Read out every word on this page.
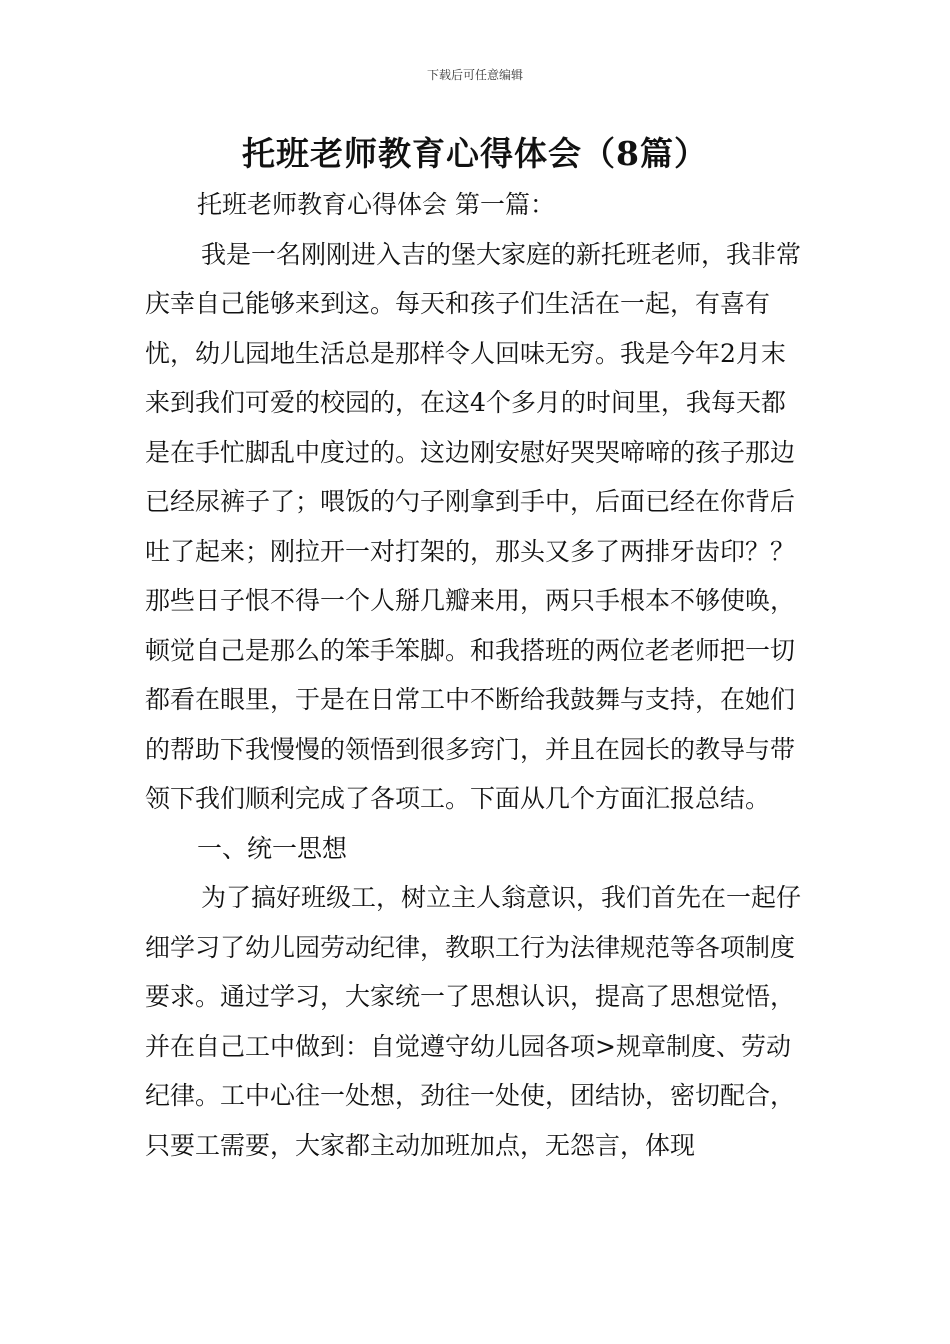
下载后可任意编辑
托班老师教育心得体会（8篇）

托班老师教育心得体会 第一篇：

我是一名刚刚进入吉的堡大家庭的新托班老师，我非常庆幸自己能够来到这。每天和孩子们生活在一起，有喜有忧，幼儿园地生活总是那样令人回味无穷。我是今年2月末来到我们可爱的校园的，在这4个多月的时间里，我每天都是在手忙脚乱中度过的。这边刚安慰好哭哭啼啼的孩子那边已经尿裤子了；喂饭的勺子刚拿到手中，后面已经在你背后吐了起来；刚拉开一对打架的，那头又多了两排牙齿印？？那些日子恨不得一个人掰几瓣来用，两只手根本不够使唤，顿觉自己是那么的笨手笨脚。和我搭班的两位老老师把一切都看在眼里，于是在日常工中不断给我鼓舞与支持，在她们的帮助下我慢慢的领悟到很多窍门，并且在园长的教导与带领下我们顺利完成了各项工。下面从几个方面汇报总结。

一、统一思想

为了搞好班级工，树立主人翁意识，我们首先在一起仔细学习了幼儿园劳动纪律，教职工行为法律规范等各项制度要求。通过学习，大家统一了思想认识，提高了思想觉悟，并在自己工中做到：自觉遵守幼儿园各项>规章制度、劳动纪律。工中心往一处想，劲往一处使，团结协，密切配合，只要工需要，大家都主动加班加点，无怨言，体现
